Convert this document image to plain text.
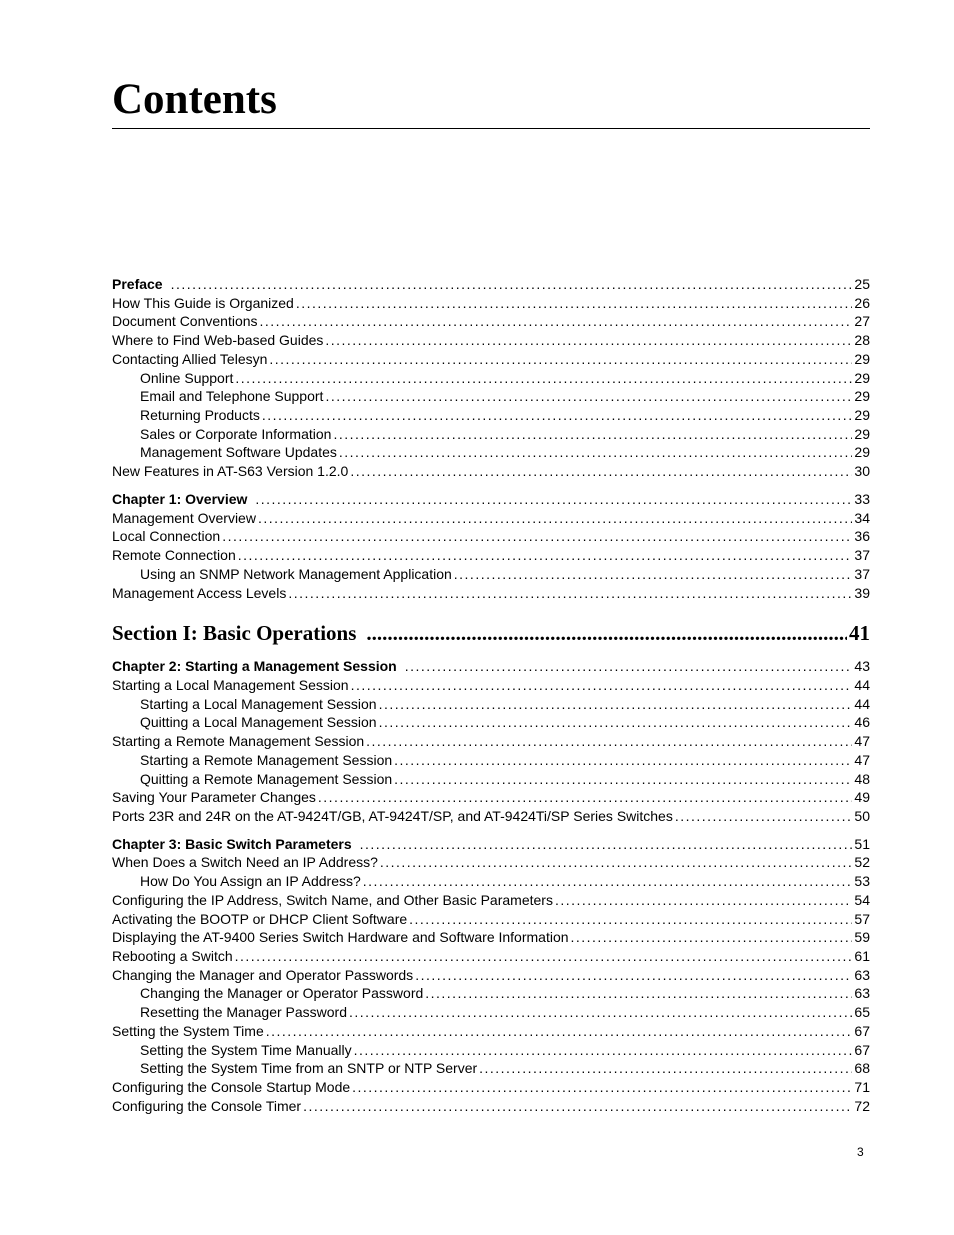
Contents
Preface . . .	25
How This Guide is Organized . . .	26
Document Conventions . . .	27
Where to Find Web-based Guides . . .	28
Contacting Allied Telesyn . . .	29
Online Support . . .	29
Email and Telephone Support . . .	29
Returning Products . . .	29
Sales or Corporate Information . . .	29
Management Software Updates . . .	29
New Features in AT-S63 Version 1.2.0 . . .	30
Chapter 1: Overview . . .	33
Management Overview . . .	34
Local Connection . . .	36
Remote Connection . . .	37
Using an SNMP Network Management Application . . .	37
Management Access Levels . . .	39
Section I: Basic Operations .....	41
Chapter 2: Starting a Management Session . . .	43
Starting a Local Management Session . . .	44
Starting a Local Management Session . . .	44
Quitting a Local Management Session . . .	46
Starting a Remote Management Session . . .	47
Starting a Remote Management Session . . .	47
Quitting a Remote Management Session . . .	48
Saving Your Parameter Changes . . .	49
Ports 23R and 24R on the AT-9424T/GB, AT-9424T/SP, and AT-9424Ti/SP Series Switches . . .	50
Chapter 3: Basic Switch Parameters . . .	51
When Does a Switch Need an IP Address? . . .	52
How Do You Assign an IP Address? . . .	53
Configuring the IP Address, Switch Name, and Other Basic Parameters . . .	54
Activating the BOOTP or DHCP Client Software . . .	57
Displaying the AT-9400 Series Switch Hardware and Software Information . . .	59
Rebooting a Switch . . .	61
Changing the Manager and Operator Passwords . . .	63
Changing the Manager or Operator Password . . .	63
Resetting the Manager Password . . .	65
Setting the System Time . . .	67
Setting the System Time Manually . . .	67
Setting the System Time from an SNTP or NTP Server . . .	68
Configuring the Console Startup Mode . . .	71
Configuring the Console Timer . . .	72
3
